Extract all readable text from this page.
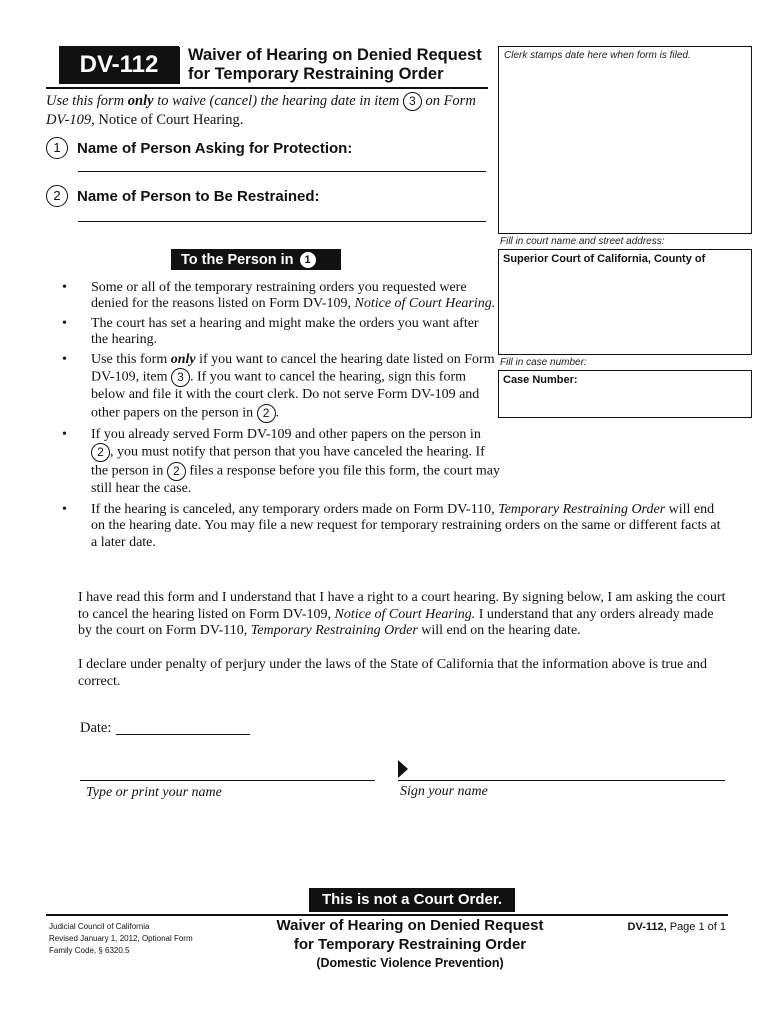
DV-112	Waiver of Hearing on Denied Request
for Temporary Restraining Order
Clerk stamps date here when form is filed.
Use this form only to waive (cancel) the hearing date in item 3 on Form
DV-109, Notice of Court Hearing.
1	Name of Person Asking for Protection:
2	Name of Person to Be Restrained:
Fill in court name and street address:
Superior Court of California, County of
Fill in case number:
Case Number:
To the Person in 1
• Some or all of the temporary restraining orders you requested were
denied for the reasons listed on Form DV-109, Notice of Court Hearing.
• The court has set a hearing and might make the orders you want after
the hearing.
• Use this form only if you want to cancel the hearing date listed on Form
DV-109, item 3 . If you want to cancel the hearing, sign this form
below and file it with the court clerk. Do not serve Form DV-109 and
other papers on the person in 2 .
• If you already served Form DV-109 and other papers on the person in
2 , you must notify that person that you have canceled the hearing. If
the person in 2 files a response before you file this form, the court may
still hear the case.
• If the hearing is canceled, any temporary orders made on Form DV-110, Temporary Restraining Order will end
on the hearing date. You may file a new request for temporary restraining orders on the same or different facts at
a later date.
I have read this form and I understand that I have a right to a court hearing. By signing below, I am asking the court
to cancel the hearing listed on Form DV-109, Notice of Court Hearing. I understand that any orders already made
by the court on Form DV-110, Temporary Restraining Order will end on the hearing date.
I declare under penalty of perjury under the laws of the State of California that the information above is true and
correct.
Date:
Type or print your name	Sign your name
This is not a Court Order.
Judicial Council of California
Revised January 1, 2012, Optional Form
Family Code, § 6320.5
Waiver of Hearing on Denied Request
for Temporary Restraining Order
(Domestic Violence Prevention)
DV-112, Page 1 of 1
